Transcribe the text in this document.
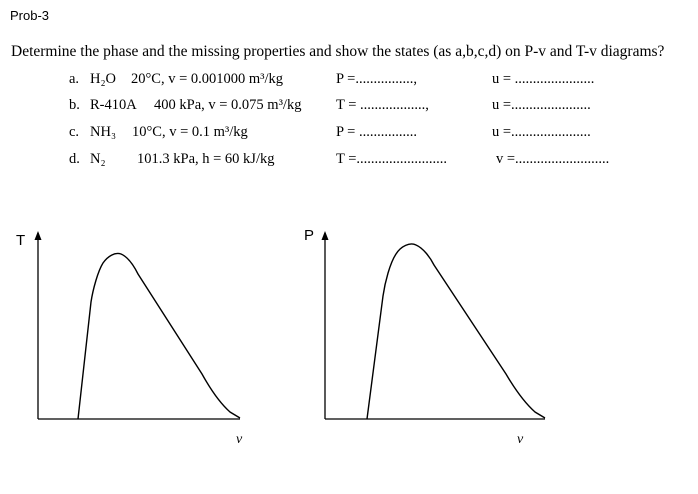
Prob-3
Determine the phase and the missing properties and show the states (as a,b,c,d) on P-v and T-v diagrams?
a. H₂O 20°C, v = 0.001000 m³/kg	P =................,	u = ......................
b. R-410A 400 kPa, v = 0.075 m³/kg T = ..................,	u =......................
c. NH₃ 10°C, v = 0.1 m³/kg	P = ................	u =......................
d. N₂ 101.3 kPa, h = 60 kJ/kg	T =.........................	v =..........................
T
v
P
v
